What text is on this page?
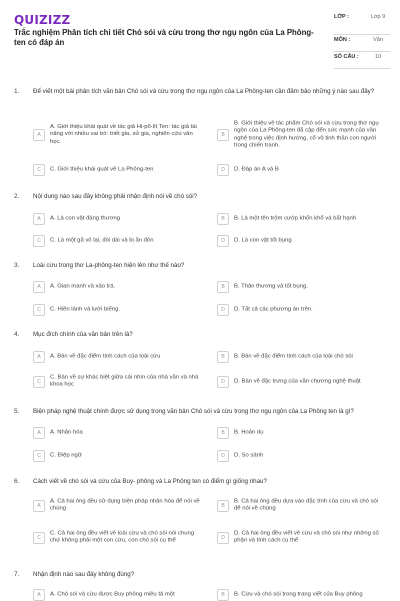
QUIZIZZ
Trắc nghiệm Phân tích chi tiết Chó sói và cừu trong thơ ngụ ngôn của La Phông-ten có đáp án
LỚP :	Lớp 9
MÔN :	Văn
SỐ CÂU :	10
1. Để viết một bài phân tích văn bản Chó sói và cừu trong thơ ngụ ngôn của La Phông-ten cần đảm bảo những ý nào sau đây?
A
A. Giới thiệu khái quát về tác giả Hi-pô-lít Ten: tác giả tài năng với nhiều vai trò: triết gia, sử gia, nghiên cứu văn học.
B
B. Giới thiệu về tác phẩm Chó sói và cừu trong thơ ngụ ngôn của La Phông-ten đã cập đến sức mạnh của văn nghệ trong việc định hướng, cổ vũ tinh thần con người trong chiến tranh.
C	C. Giới thiệu khái quát về La Phông-ten	D	D. Đáp án A và B
2. Nội dung nào sau đây không phải nhận định nói về chó sói?
A	A. Là con vật đáng thương	B	B. Là một tên trộm cướp khốn khổ và bất hạnh
C	C. Là một gã vô lại, đói dài và bị ăn đòn	D	D. Là con vật tốt bụng
3. Loài cừu trong thơ La-phông-ten hiện lên như thế nào?
A	A. Gian manh và xảo trá.	B	B. Thân thương và tốt bụng.
C	C. Hiền lành và lười biếng.	D	D. Tất cả các phương án trên.
4. Mục đích chính của văn bản trên là?
A	A. Bàn về đặc điểm tính cách của loài cừu	B	B. Bàn về đặc điểm tính cách của loài chó sói
C
C. Bàn về sự khác biệt giữa cái nhìn của nhà văn và nhà khoa học	D	D. Bàn về đặc trưng của văn chương nghệ thuật
5. Biện pháp nghệ thuật chính được sử dụng trong văn bản Chó sói và cừu trong thơ ngụ ngôn của La Phông ten là gì?
A	A. Nhân hóa	B	B. Hoán dụ
C	C. Điệp ngữ	D	D. So sánh
6. Cách viết về chó sói và cừu của Buy- phông và La Phông ten có điểm gì giống nhau?
A
A. Cả hai ông đều sử dụng biện pháp nhân hóa để nói về chúng	B
B. Cả hai ông đều dựa vào đặc tính của cừu và chó sói để nói về chúng
C
C. Cả hai ông đều viết về loài cừu và chó sói nói chung chứ không phải một con cừu, con chó sói cụ thể	D
D. Cả hai ông đều viết về cừu và chó sói như những số phận và tính cách cụ thể
7. Nhận định nào sau đây không đúng?
A	A. Chó sói và cừu được Buy phông miêu tả một	B	B. Cừu và chó sói trong trang viết của Buy phông
